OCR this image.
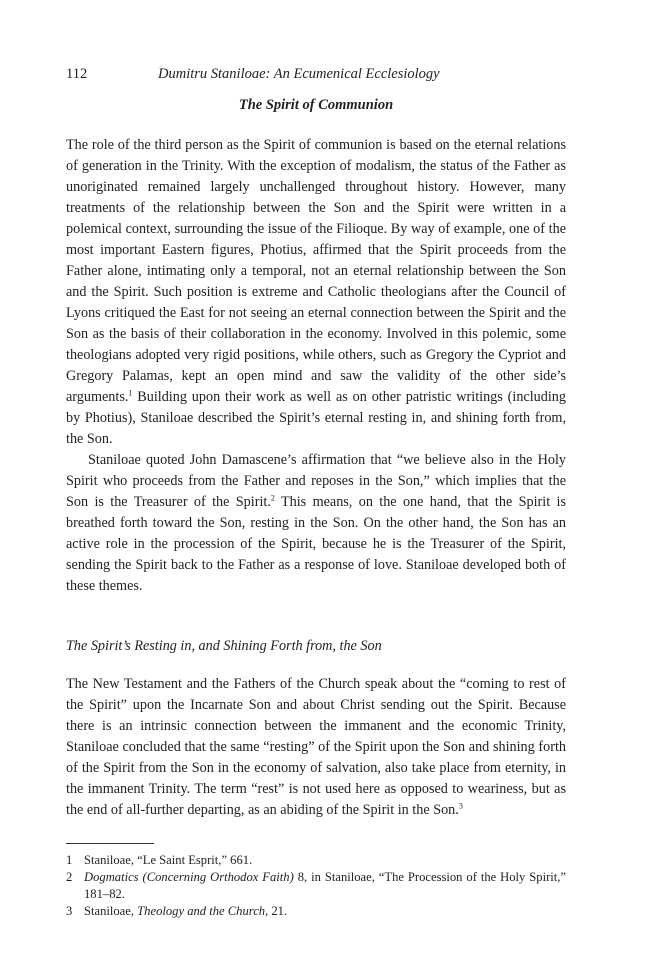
112	Dumitru Staniloae: An Ecumenical Ecclesiology
The Spirit of Communion

The role of the third person as the Spirit of communion is based on the eternal relations of generation in the Trinity. With the exception of modalism, the status of the Father as unoriginated remained largely unchallenged throughout history. However, many treatments of the relationship between the Son and the Spirit were written in a polemical context, surrounding the issue of the Filioque. By way of example, one of the most important Eastern figures, Photius, affirmed that the Spirit proceeds from the Father alone, intimating only a temporal, not an eternal relationship between the Son and the Spirit. Such position is extreme and Catholic theologians after the Council of Lyons critiqued the East for not seeing an eternal connection between the Spirit and the Son as the basis of their collaboration in the economy. Involved in this polemic, some theologians adopted very rigid positions, while others, such as Gregory the Cypriot and Gregory Palamas, kept an open mind and saw the validity of the other side’s arguments.$^1$ Building upon their work as well as on other patristic writings (including by Photius), Staniloae described the Spirit’s eternal resting in, and shining forth from, the Son.

Staniloae quoted John Damascene’s affirmation that “we believe also in the Holy Spirit who proceeds from the Father and reposes in the Son,” which implies that the Son is the Treasurer of the Spirit.$^2$ This means, on the one hand, that the Spirit is breathed forth toward the Son, resting in the Son. On the other hand, the Son has an active role in the procession of the Spirit, because he is the Treasurer of the Spirit, sending the Spirit back to the Father as a response of love. Staniloae developed both of these themes.

The Spirit’s Resting in, and Shining Forth from, the Son

The New Testament and the Fathers of the Church speak about the “coming to rest of the Spirit” upon the Incarnate Son and about Christ sending out the Spirit. Because there is an intrinsic connection between the immanent and the economic Trinity, Staniloae concluded that the same “resting” of the Spirit upon the Son and shining forth of the Spirit from the Son in the economy of salvation, also take place from eternity, in the immanent Trinity. The term “rest” is not used here as opposed to weariness, but as the end of all-further departing, as an abiding of the Spirit in the Son.$^3$

1 Staniloae, “Le Saint Esprit,” 661.
2 Dogmatics (Concerning Orthodox Faith) 8, in Staniloae, “The Procession of the Holy Spirit,” 181–82.
3 Staniloae, Theology and the Church, 21.
